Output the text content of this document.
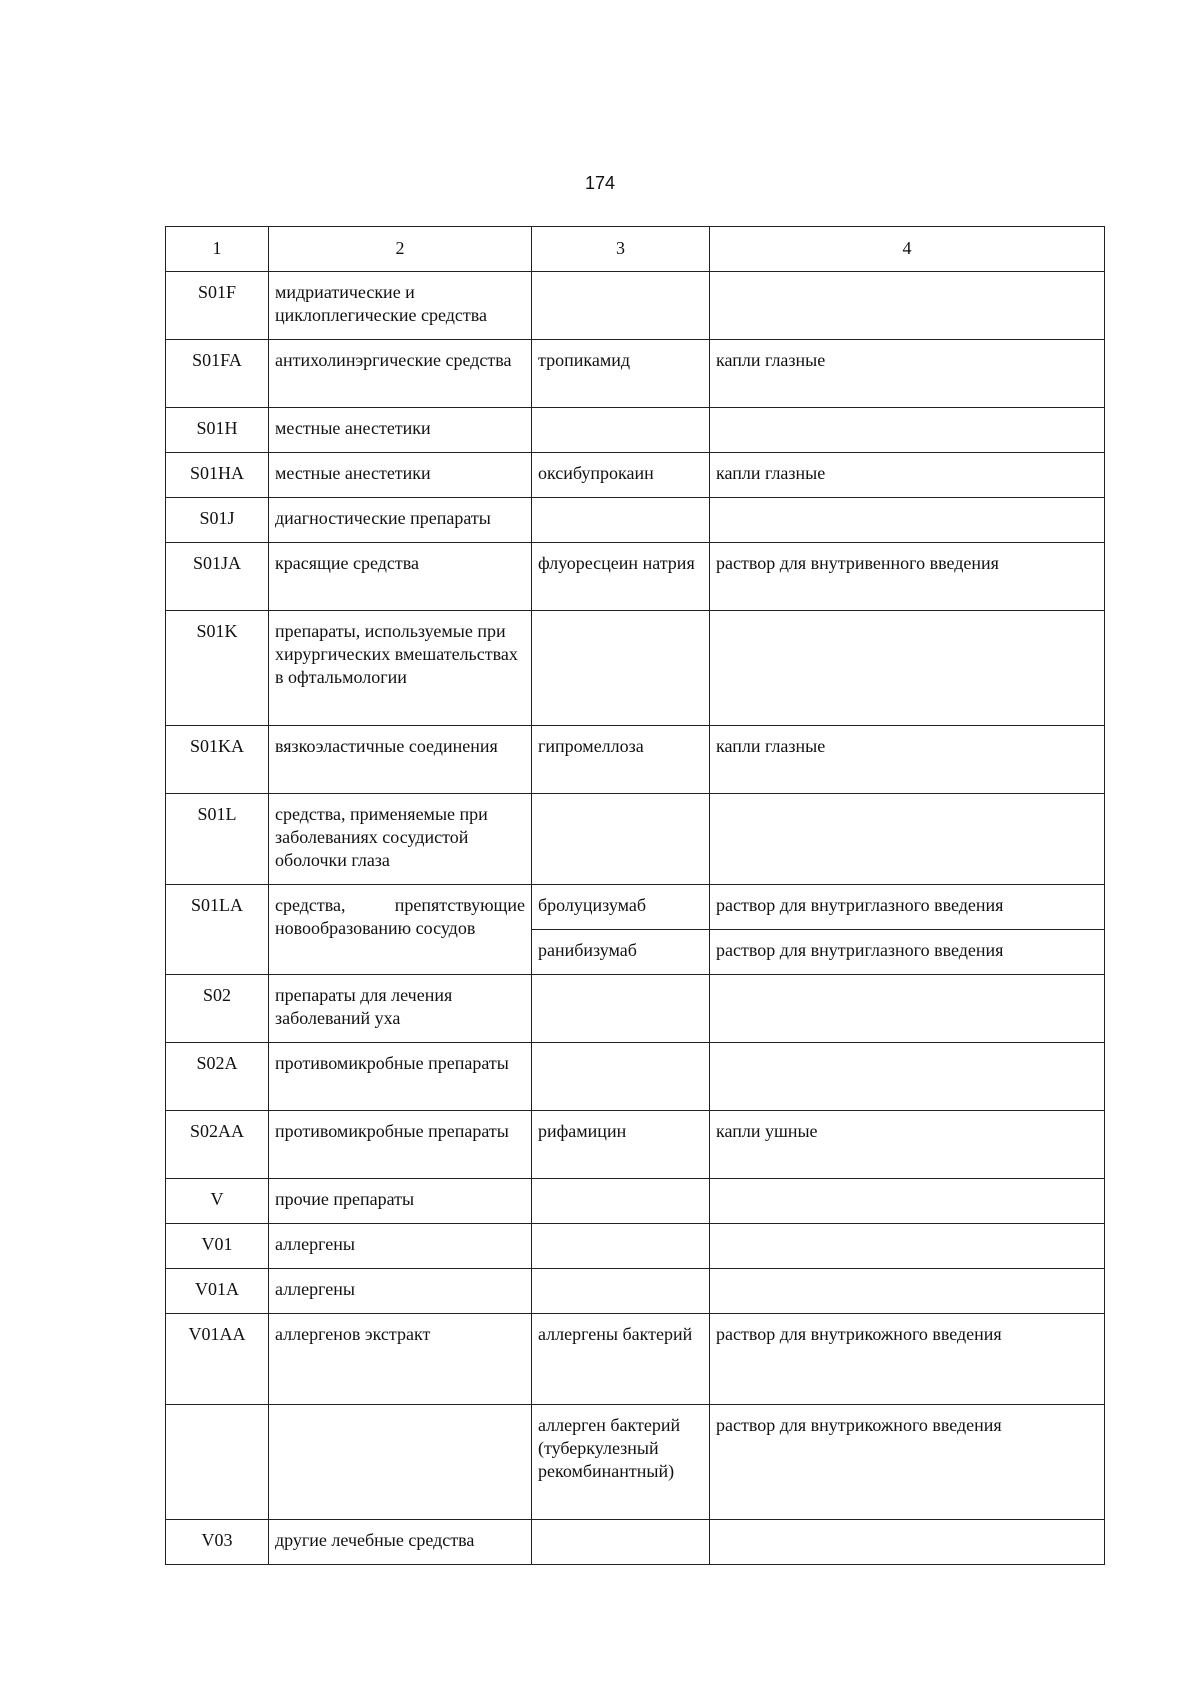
174
1	2	3	4
S01F	мидриатические и циклоплегические средства		
S01FA	антихолинэргические средства	тропикамид	капли глазные
S01H	местные анестетики		
S01HA	местные анестетики	оксибупрокаин	капли глазные
S01J	диагностические препараты		
S01JA	красящие средства	флуоресцеин натрия	раствор для внутривенного введения
S01K	препараты, используемые при хирургических вмешательствах в офтальмологии		
S01KA	вязкоэластичные соединения	гипромеллоза	капли глазные
S01L	средства, применяемые при заболеваниях сосудистой оболочки глаза		
S01LA	средства, препятствующие новообразованию сосудов	бролуцизумаб	раствор для внутриглазного введения
		ранибизумаб	раствор для внутриглазного введения
S02	препараты для лечения заболеваний уха		
S02A	противомикробные препараты		
S02AA	противомикробные препараты	рифамицин	капли ушные
V	прочие препараты		
V01	аллергены		
V01A	аллергены		
V01AA	аллергенов экстракт	аллергены бактерий	раствор для внутрикожного введения
		аллерген бактерий (туберкулезный рекомбинантный)	раствор для внутрикожного введения
V03	другие лечебные средства		
